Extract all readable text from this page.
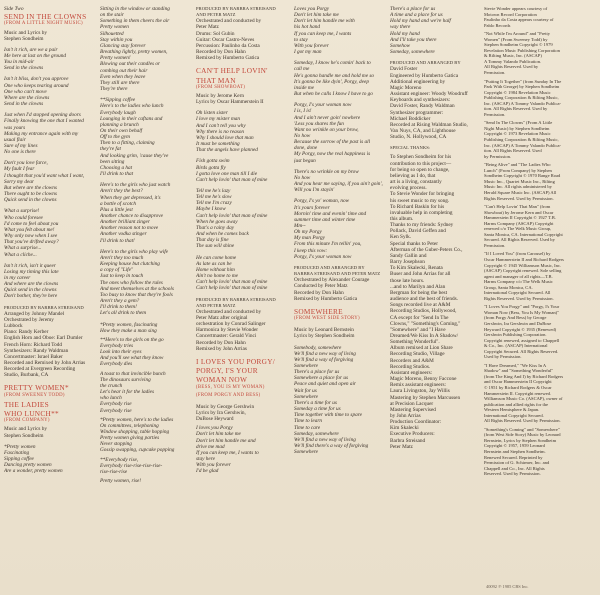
Side Two
SEND IN THE CLOWNS
(FROM A LITTLE NIGHT MUSIC)
Music and Lyrics by
Stephen Sondheim
Isn't it rich, are we a pair
Me here at last on the ground
You in mid-air
Send in the clowns
Isn't it bliss, don't you approve
One who keeps tearing around
One who can't move
Where are the clowns
Send in the clowns
Just when I'd stopped opening doors
Finally knowing the one that I wanted
was yours
Making my entrance again with my
usual flair
Sure of my lines
No one is there
Don't you love farce,
My fault I fear
I thought that you'd want what I want,
Sorry my dear
But where are the clowns
There ought to be clowns
Quick send in the clowns
What a surprise!
Who could foresee
I'd come to feel about you
What you felt about me!
Why only now when I see
That you've drifted away?
What a surprise...
What a cliche...
Isn't it rich, isn't it queer
Losing my timing this late
in my career
And where are the clowns
Quick send in the clowns
Don't bother, they're here
PRODUCED BY BARBRA STREISAND
Arranged by Johnny Mandel
Orchestrated by Jeremy
Lubbock
Piano: Randy Kerber
English Horn and Oboe: Earl Dumler
French Horn: Richard Todd
Synthesizers: Randy Waldman
Concertmaster: Israel Baker
Recorded and Remixed by John Arrias
Recorded at Evergreen Recording
Studio, Burbank, CA
PRETTY WOMEN*
(FROM SWEENEY TODD)
THE LADIES
WHO LUNCH**
(FROM COMPANY)
Music and Lyrics by
Stephen Sondheim
*Pretty women
Fascinating
Sipping coffee
Dancing pretty women
Are a wonder, pretty women
Sitting in the window or standing
on the stair
Something in them cheers the air
Pretty women
Silhouetted
Stay within you
Glancing stay forever
Breathing lightly, pretty women,
Pretty women!
Blowing out their candles or
combing out their hair
Even when they leave
They still are there
They're there
**Sipping coffee
Here's to the ladies who lunch
Everybody laugh
Lounging in their caftans and
planning a brunch
On their own behalf
Off to the gym
Then to a fitting, claiming
they're fat
And looking grim, 'cause they've
been sitting
Choosing a hat
I'll drink to that
Here's to the girls who just watch
Aren't they the best?
When they get depressed, it's
a bottle of scotch
Plus a little jest
Another chance to disapprove
Another brilliant zinger
Another reason not to move
Another vodka stinger
I'll drink to that!
Here's to the girls who play wife
Aren't they too much
Keeping house but clutching
a copy of "Life"
Just to keep in touch
The ones who follow the rules
And meet themselves at the schools
Too busy to know that they're fools
Aren't they a gem?
I'll drink to them!
Let's all drink to them
*Pretty women, fascinating
How they make a man sing
**Here's to the girls on the go
Everybody tries
Look into their eyes
And you'll see what they know
Everybody dies
A toast to that invincible bunch
The dinosaurs surviving
the crunch
Let's hear it for the ladies
who lunch
Everybody rise
Everybody rise
*Pretty women, here's to the ladies
On committees, telephoning
Window shopping, table hopping
Pretty women giving parties
Never stopping
Gossip swapping, cupcake popping
**Everybody rise,
Everybody rise-rise-rise-rise-
rise-rise-rise
Pretty women, rise!
PRODUCED BY BARBRA STREISAND
AND PETER MATZ
Orchestrated and conducted by
Peter Matz
Drums: Sol Gubin
Guitar: Oscar Castro-Neves
Percussion: Paulinho da Costa
Recorded by Don Hahn
Remixed by Humberto Gatica
CAN'T HELP LOVIN'
THAT MAN
(FROM SHOWBOAT)
Music by Jerome Kern
Lyrics by Oscar Hammerstein II
Oh listen sister
I love my mister man
And I can't tell you why
Why there is no reason
Why I should love that man
It must be something
That the angels have planned
Fish gotta swim
Birds gotta fly
I gotta love one man till I die
Can't help lovin' that man of mine
Tell me he's lazy
Tell me he's slow
Tell me I'm crazy
Maybe I know
Can't help lovin' that man of mine
When he goes away
That's a rainy day
And when he comes back
That day is fine
The sun will shine
He can come home
As late as can be
Home without him
Ain't no home to me
Can't help lovin' that man of mine
Can't help lovin' that man of mine
PRODUCED BY BARBRA STREISAND
AND PETER MATZ
Orchestrated and conducted by
Peter Matz after original
orchestration by Conrad Salinger
Harmonica by Stevie Wonder
Concertmaster: Gerald Vinci
Recorded by Don Hahn
Remixed by John Arrias
I LOVES YOU PORGY/
PORGY, I'S YOUR
WOMAN NOW
(BESS, YOU IS MY WOMAN)
(FROM PORGY AND BESS)
Music by George Gershwin
Lyrics by Ira Gershwin,
DuBose Heyward
I loves you Porgy
Don't let him take me
Don't let him handle me and
drive me mad
If you can keep me, I wants to
stay here
With you forever
I'd be glad
Loves you Porgy
Don't let him take me
Don't let him handle me with
his hot hand
If you can keep me, I wants
to stay
With you forever
I got my man
Someday, I know he's comin' back to
call me
He's gonna handle me and hold me so
It's gonna be like dyin', Porgy, deep
inside me
But when he calls I know I have to go
Porgy, I's your woman now
I is, I is!
And I ain't never goin' nowhere
'Less you shares the fun
Want no wrinkle on your brow,
No how
Because the sorrow of the past is all
done, done
My Porgy, now the real happiness is
just begun
There's no wrinkle on my brow
No how
And you hear me saying, if you ain't goin',
Will you I'm stayin'
Porgy, I's yo' woman, now
It's yours forever
Mornin' time and evenin' time and
summer time and winter time
Mm--
Oh my Porgy
My man Porgy
From this minute I'm tellin' you,
I keep this vow:
Porgy, I's your woman now
PRODUCED AND ARRANGED BY
BARBRA STREISAND AND PETER MATZ
Orchestrated by Alexander Courage
Conducted by Peter Matz
Recorded by Don Hahn
Remixed by Humberto Gatica
SOMEWHERE
(FROM WEST SIDE STORY)
Music by Leonard Bernstein
Lyrics by Stephen Sondheim
Somebody, somewhere
We'll find a new way of living
We'll find a way of forgiving
Somewhere
There's a place for us
Somewhere a place for us
Peace and quiet and open air
Wait for us
Somewhere
There's a time for us
Someday a time for us
Time together with time to spare
Time to learn
Time to care
Someday, somewhere
We'll find a new way of living
We'll find there's a way of forgiving
Somewhere
There's a place for us
A time and a place for us
Hold my hand and we're half
way there
Hold my hand
And I'll take you there
Somehow
Someday, somewhere
PRODUCED AND ARRANGED BY
David Foster
Engineered by Humberto Gatica
Additional engineering by
Magic Moreno
Assistant engineer: Woody Woodruff
Keyboards and synthesizers:
David Foster, Randy Waldman
Synthesizer programmer:
Michael Boddicker
Recorded at Rising Waldman Studio,
Van Nuys, CA, and Lighthouse
Studio, N. Hollywood, CA
SPECIAL THANKS:
To Stephen Sondheim for his
contribution to this project—
for being so open to change,
believing as I do, that
art is a living, constantly
evolving process.
To Stevie Wonder for bringing
his sweet music to my song.
To Richard Baskin for his
invaluable help in completing
this album.
Thanks to my friends: Sydney
Pollack, David Geffen and
Ken Sylk.
Special thanks to Peter
Afterman of the Guber-Peters Co.,
Sandy Gallin and
Barry Josephson
To Kim Skalecki, Renata
Buser and John Arrias for all
those late hours.
...and to Marilyn and Alan
Bergman for being the best
audience and the best of friends.
Songs recorded live at A&M
Recording Studios, Hollywood,
CA except for "Send In The
Clowns," "Something's Coming,"
"Somewhere" and "I Have
Dreamed/We Kiss In A Shadow/
Something Wonderful".
Album remixed at Lion Share
Recording Studio, Village
Recorders and A&M
Recording Studios.
Assistant engineers:
Magic Moreno, Benny Faccone
Remix assistant engineers:
Laura Livingston, Jay Willis
Mastering by Stephen Marcussen
at Precision Lacquer
Mastering Supervised
by John Arrias
Production Coordinator:
Kim Skalecki
Executive Producers:
Barbra Streisand
Peter Matz
Stevie Wonder appears courtesy of
Motown Record Corporation
Paulinho da Costa appears courtesy of
Pablo Records
"Not While I'm Around" and "Pretty
Women" (From Sweeney Todd) by
Stephen Sondheim Copyright © 1979
Revelation Music Publishing Corporation
& Rilting Music, Inc. (ASCAP)
A Tommy Valando Publication.
All Rights Reserved. Used by
Permission.
"Putting It Together" (from Sunday In The
Park With George) by Stephen Sondheim
Copyright © 1984 Revelation Music
Publishing Corporation & Rilting Music,
Inc. (ASCAP) A Tommy Valando Publica-
tion. All Rights Reserved. Used by
Permission.
"Send In The Clowns" (From A Little
Night Music) by Stephen Sondheim
Copyright © 1973 Revelation Music
Publishing Corporation & Rilting Music,
Inc. (ASCAP) A Tommy Valando Publica-
tion. All Rights Reserved. Used
by Permission.
"Being Alive" and "The Ladies Who
Lunch" (From Company) by Stephen
Sondheim Copyright © 1970 Range Road
Music Inc., Quartet Music Inc., Rilting
Music Inc. All rights administered by
Herald Square Music Inc. (ASCAP) All
Rights Reserved. Used by Permission.
"Can't Help Lovin' That Man" (from
Showboat) by Jerome Kern and Oscar
Hammerstein II Copyright © 1927 T.B.
Harms Company (ASCAP) Copyright
renewed c/o The Welk Music Group,
Santa Monica, CA. International Copyright
Secured. All Rights Reserved. Used by
Permission.
"If I Loved You" (from Carousel) by
Oscar Hammerstein II and Richard Rodgers
Copyright © 1945 Williamson Music, Inc.
(ASCAP) Copyright renewed. Sole selling
agent and manager of all rights—T.B.
Harms Company c/o The Welk Music
Group, Santa Monica, CA.
International Copyright Secured. All
Rights Reserved. Used by Permission.
"I Loves You Porgy" and "Porgy, I's Your
Woman Now (Bess, You Is My Woman)"
(from Porgy And Bess) by George
Gershwin, Ira Gershwin and DuBose
Heyward Copyright © 1935 (Renewed)
Gershwin Publishing Corporation.
Copyright renewed, assigned to Chappell
& Co., Inc. (ASCAP) International
Copyright Secured. All Rights Reserved.
Used by Permission.
"I Have Dreamed," "We Kiss In A
Shadow" and "Something Wonderful"
(from The King And I) by Richard Rodgers
and Oscar Hammerstein II Copyright
© 1951 by Richard Rodgers & Oscar
Hammerstein II. Copyright renewed.
Williamson Music Co. (ASCAP), owner of
publication and allied rights for the
Western Hemisphere & Japan.
International Copyright Secured.
All Rights Reserved. Used by Permission.
"Something's Coming" and "Somewhere"
(from West Side Story) Music by Leonard
Bernstein, Lyrics by Stephen Sondheim
Copyright © 1957, 1959 Leonard
Bernstein and Stephen Sondheim.
Renewed Secured. Reprinted by
Permission of G. Schirmer, Inc. and
Chappell and Co., Inc. All Rights
Reserved. Used by Permission.
40092 ℗ 1985 CBS Inc.
